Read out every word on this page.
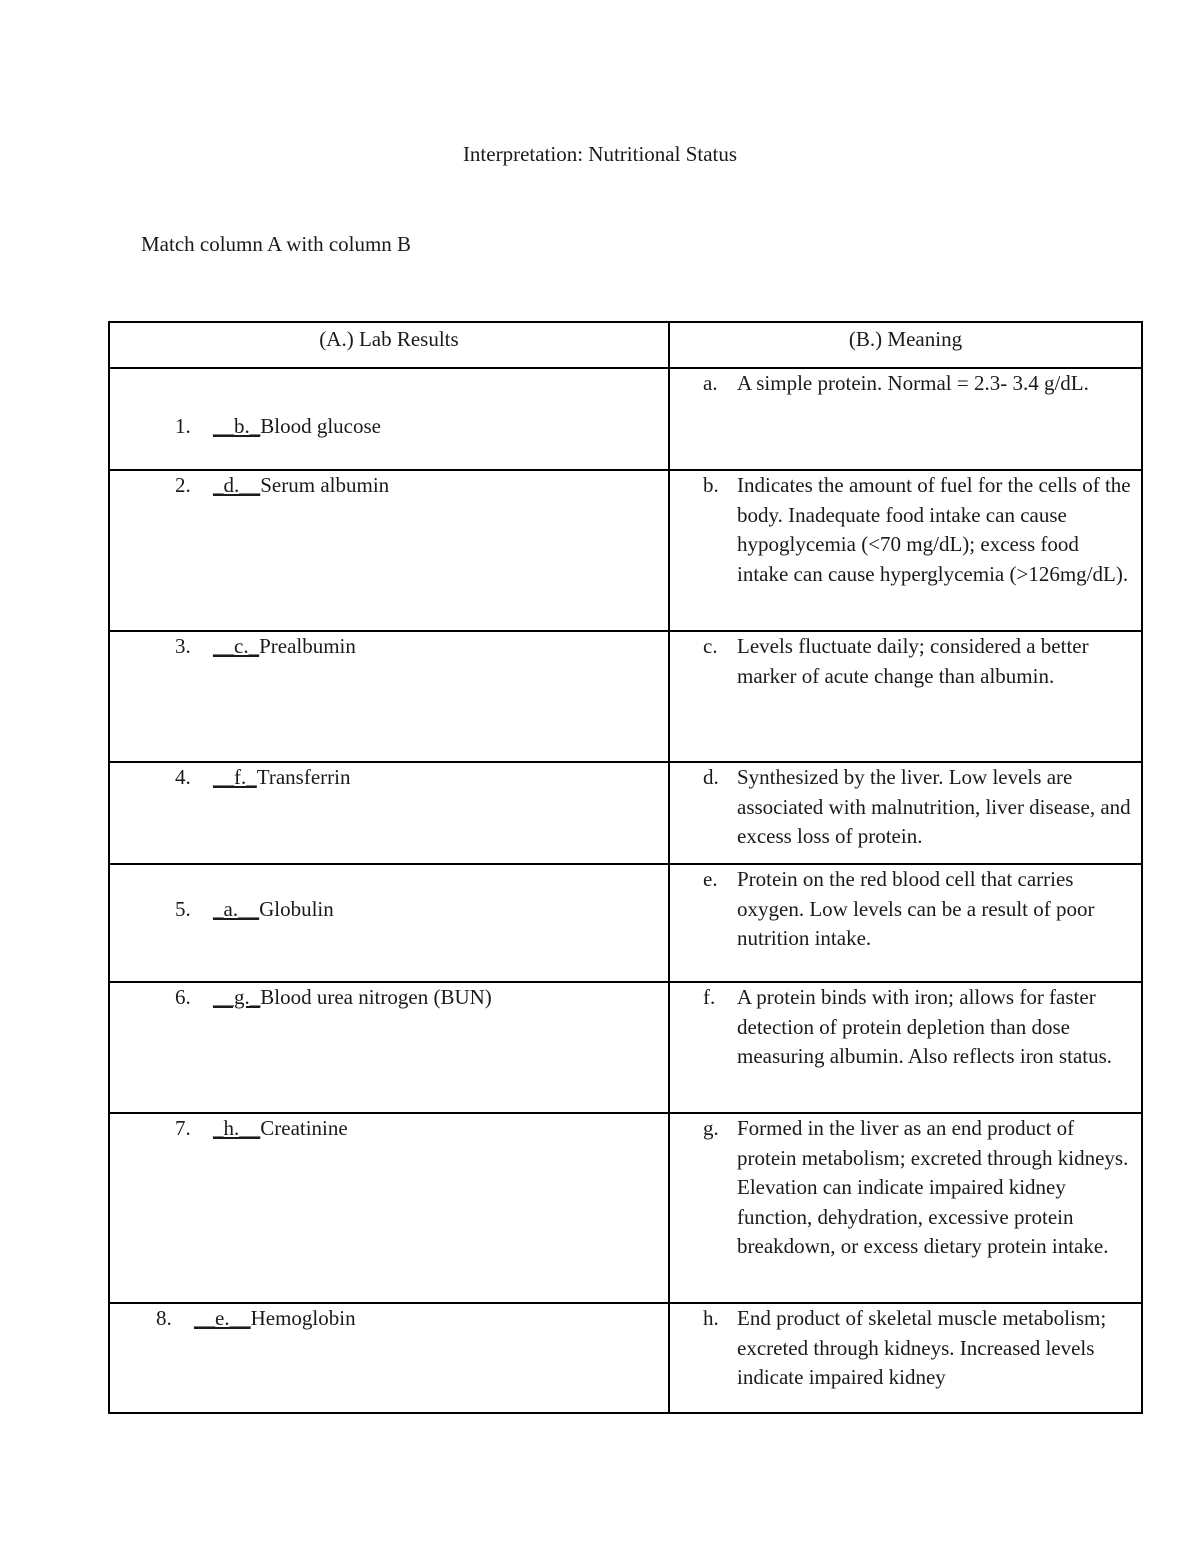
Interpretation: Nutritional Status
Match column A with column B
(A.) Lab Results	(B.) Meaning

1. __b._Blood glucose	a. A simple protein. Normal = 2.3- 3.4 g/dL.

2. _d.__Serum albumin	b. Indicates the amount of fuel for the cells of the body. Inadequate food intake can cause hypoglycemia (<70 mg/dL); excess food intake can cause hyperglycemia (>126mg/dL).

3. __c._Prealbumin	c. Levels fluctuate daily; considered a better marker of acute change than albumin.

4. __f._Transferrin	d. Synthesized by the liver. Low levels are associated with malnutrition, liver disease, and excess loss of protein.

5. _a.__Globulin	e. Protein on the red blood cell that carries oxygen. Low levels can be a result of poor nutrition intake.

6. __g._Blood urea nitrogen (BUN)	f. A protein binds with iron; allows for faster detection of protein depletion than dose measuring albumin. Also reflects iron status.

7. _h.__Creatinine	g. Formed in the liver as an end product of protein metabolism; excreted through kidneys. Elevation can indicate impaired kidney function, dehydration, excessive protein breakdown, or excess dietary protein intake.

8. __e.__Hemoglobin	h. End product of skeletal muscle metabolism; excreted through kidneys. Increased levels indicate impaired kidney
